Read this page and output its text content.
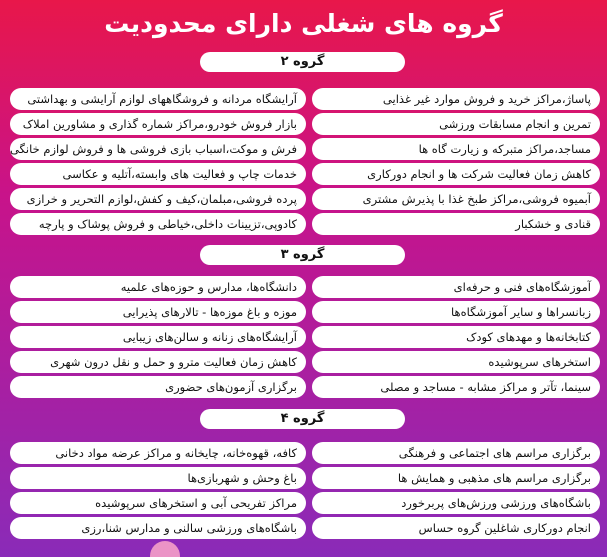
گروه های شغلی دارای محدودیت
گروه ۲
پاساژ،مراکز خرید و فروش موارد غیر غذایی
تمرین و انجام مسابقات ورزشی
مساجد،مراکز متبرکه و زیارت گاه ها
کاهش زمان فعالیت شرکت ها و انجام دورکاری
آبمیوه فروشی،مراکز طبخ غذا با پذیرش مشتری
قنادی و خشکبار
آرایشگاه مردانه و فروشگاههای لوازم آرایشی و بهداشتی
بازار فروش خودرو،مراکز شماره گذاری و مشاورین املاک
فرش و موکت،اسباب بازی فروشی ها و فروش لوازم خانگی
خدمات چاپ و فعالیت های وابسته،آتلیه و عکاسی
پرده فروشی،مبلمان،کیف و کفش،لوازم التحریر و خرازی
کادوپی،تزیینات داخلی،خیاطی و فروش پوشاک و پارچه
گروه ۳
آموزشگاه‌های فنی و حرفه‌ای
زبانسراها و سایر آموزشگاه‌ها
کتابخانه‌ها و مهدهای کودک
استخرهای سرپوشیده
سینما، تآتر و مراکز مشابه - مساجد و مصلی
دانشگاه‌ها، مدارس و حوزه‌های علمیه
موزه و باغ موزه‌ها - تالارهای پذیرایی
آرایشگاه‌های زنانه و سالن‌های زیبایی
کاهش زمان فعالیت مترو و حمل و نقل درون شهری
برگزاری آزمون‌های حضوری
گروه ۴
برگزاری مراسم های اجتماعی و فرهنگی
برگزاری مراسم های مذهبی و همایش ها
باشگاه‌های ورزشی ورزش‌های پربرخورد
انجام دورکاری شاغلین گروه حساس
کافه، قهوه‌خانه، چایخانه و مراکز عرضه مواد دخانی
باغ وحش و شهربازی‌ها
مراکز تفریحی آبی و استخرهای سرپوشیده
باشگاه‌های ورزشی سالنی و مدارس شنا،رزی
